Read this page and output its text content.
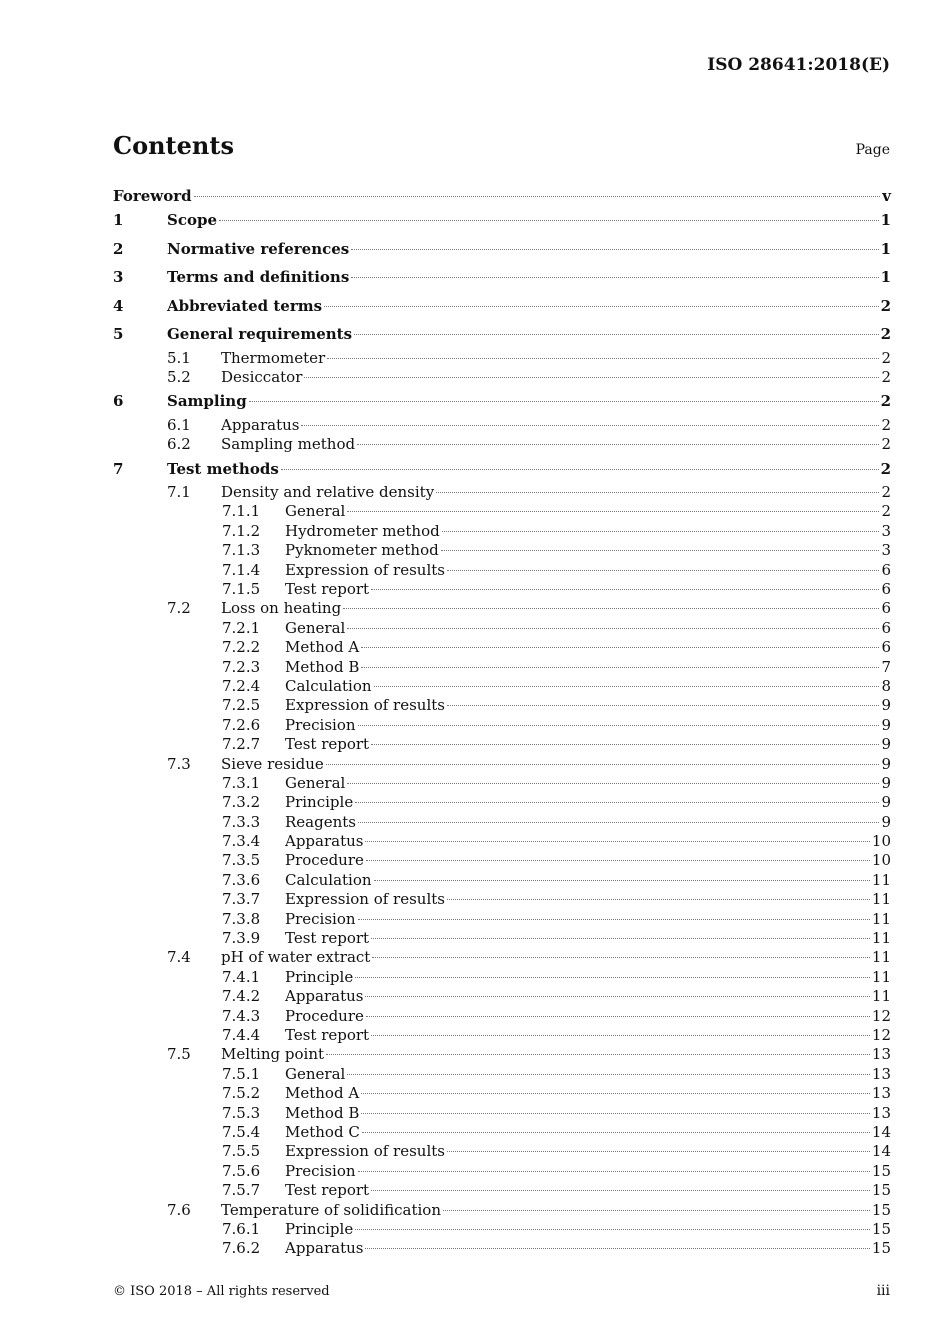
ISO 28641:2018(E)
Contents	Page
Foreword	v
1	Scope	1
2	Normative references	1
3	Terms and definitions	1
4	Abbreviated terms	2
5	General requirements	2
5.1	Thermometer	2
5.2	Desiccator	2
6	Sampling	2
6.1	Apparatus	2
6.2	Sampling method	2
7	Test methods	2
7.1	Density and relative density	2
7.1.1	General	2
7.1.2	Hydrometer method	3
7.1.3	Pyknometer method	3
7.1.4	Expression of results	6
7.1.5	Test report	6
7.2	Loss on heating	6
7.2.1	General	6
7.2.2	Method A	6
7.2.3	Method B	7
7.2.4	Calculation	8
7.2.5	Expression of results	9
7.2.6	Precision	9
7.2.7	Test report	9
7.3	Sieve residue	9
7.3.1	General	9
7.3.2	Principle	9
7.3.3	Reagents	9
7.3.4	Apparatus	10
7.3.5	Procedure	10
7.3.6	Calculation	11
7.3.7	Expression of results	11
7.3.8	Precision	11
7.3.9	Test report	11
7.4	pH of water extract	11
7.4.1	Principle	11
7.4.2	Apparatus	11
7.4.3	Procedure	12
7.4.4	Test report	12
7.5	Melting point	13
7.5.1	General	13
7.5.2	Method A	13
7.5.3	Method B	13
7.5.4	Method C	14
7.5.5	Expression of results	14
7.5.6	Precision	15
7.5.7	Test report	15
7.6	Temperature of solidification	15
7.6.1	Principle	15
7.6.2	Apparatus	15
© ISO 2018 – All rights reserved	iii
